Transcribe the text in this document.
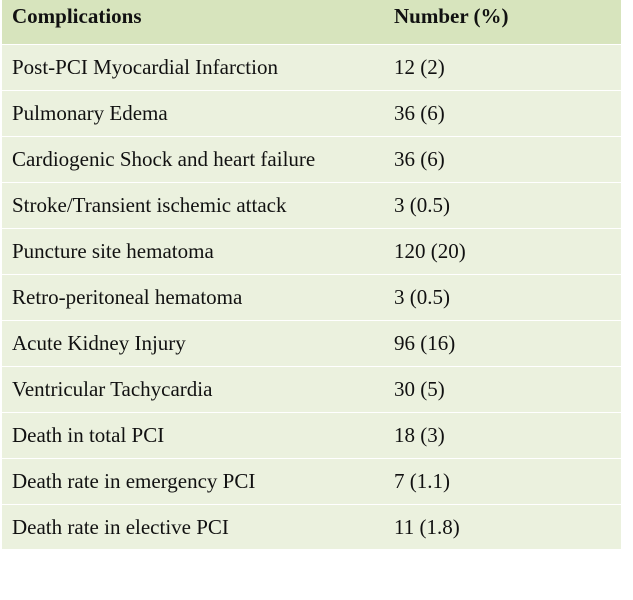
Complications	Number (%)
Post-PCI Myocardial Infarction	12 (2)
Pulmonary Edema	36 (6)
Cardiogenic Shock and heart failure	36 (6)
Stroke/Transient ischemic attack	3 (0.5)
Puncture site hematoma	120 (20)
Retro-peritoneal hematoma	3 (0.5)
Acute Kidney Injury	96 (16)
Ventricular Tachycardia	30 (5)
Death in total PCI	18 (3)
Death rate in emergency PCI	7 (1.1)
Death rate in elective PCI	11 (1.8)
